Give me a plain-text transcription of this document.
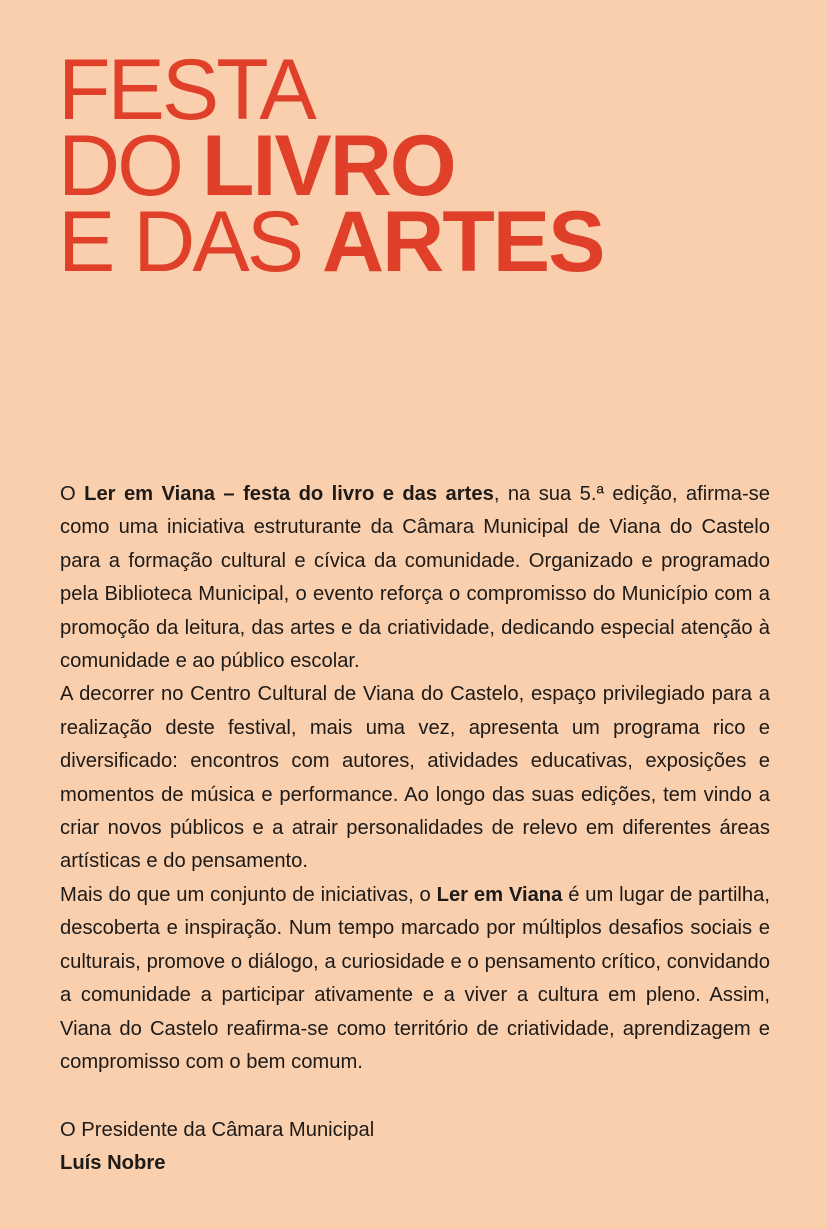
FESTA
DO LIVRO
E DAS ARTES

O Ler em Viana – festa do livro e das artes, na sua 5.ª edição, afirma-se como uma iniciativa estruturante da Câmara Municipal de Viana do Castelo para a formação cultural e cívica da comunidade. Organizado e programado pela Biblioteca Municipal, o evento reforça o compromisso do Município com a promoção da leitura, das artes e da criatividade, dedicando especial atenção à comunidade e ao público escolar.

A decorrer no Centro Cultural de Viana do Castelo, espaço privilegiado para a realização deste festival, mais uma vez, apresenta um programa rico e diversificado: encontros com autores, atividades educativas, exposições e momentos de música e performance. Ao longo das suas edições, tem vindo a criar novos públicos e a atrair personalidades de relevo em diferentes áreas artísticas e do pensamento.

Mais do que um conjunto de iniciativas, o Ler em Viana é um lugar de partilha, descoberta e inspiração. Num tempo marcado por múltiplos desafios sociais e culturais, promove o diálogo, a curiosidade e o pensamento crítico, convidando a comunidade a participar ativamente e a viver a cultura em pleno. Assim, Viana do Castelo reafirma-se como território de criatividade, aprendizagem e compromisso com o bem comum.

O Presidente da Câmara Municipal
Luís Nobre
